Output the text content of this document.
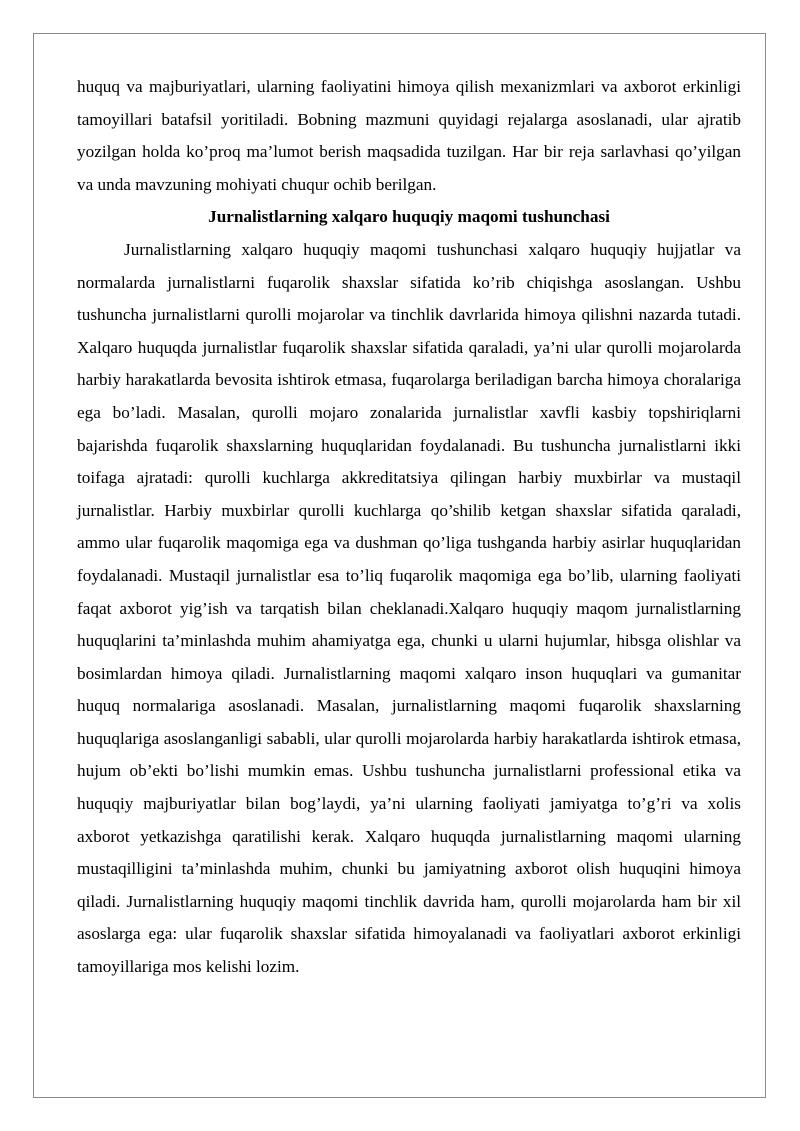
huquq va majburiyatlari, ularning faoliyatini himoya qilish mexanizmlari va axborot erkinligi tamoyillari batafsil yoritiladi. Bobning mazmuni quyidagi rejalarga asoslanadi, ular ajratib yozilgan holda ko’proq ma’lumot berish maqsadida tuzilgan. Har bir reja sarlavhasi qo’yilgan va unda mavzuning mohiyati chuqur ochib berilgan.

Jurnalistlarning xalqaro huquqiy maqomi tushunchasi

Jurnalistlarning xalqaro huquqiy maqomi tushunchasi xalqaro huquqiy hujjatlar va normalarda jurnalistlarni fuqarolik shaxslar sifatida ko’rib chiqishga asoslangan. Ushbu tushuncha jurnalistlarni qurolli mojarolar va tinchlik davrlarida himoya qilishni nazarda tutadi. Xalqaro huquqda jurnalistlar fuqarolik shaxslar sifatida qaraladi, ya’ni ular qurolli mojarolarda harbiy harakatlarda bevosita ishtirok etmasa, fuqarolarga beriladigan barcha himoya choralariga ega bo’ladi. Masalan, qurolli mojaro zonalarida jurnalistlar xavfli kasbiy topshiriqlarni bajarishda fuqarolik shaxslarning huquqlaridan foydalanadi. Bu tushuncha jurnalistlarni ikki toifaga ajratadi: qurolli kuchlarga akkreditatsiya qilingan harbiy muxbirlar va mustaqil jurnalistlar. Harbiy muxbirlar qurolli kuchlarga qo’shilib ketgan shaxslar sifatida qaraladi, ammo ular fuqarolik maqomiga ega va dushman qo’liga tushganda harbiy asirlar huquqlaridan foydalanadi. Mustaqil jurnalistlar esa to’liq fuqarolik maqomiga ega bo’lib, ularning faoliyati faqat axborot yig’ish va tarqatish bilan cheklanadi.Xalqaro huquqiy maqom jurnalistlarning huquqlarini ta’minlashda muhim ahamiyatga ega, chunki u ularni hujumlar, hibsga olishlar va bosimlardan himoya qiladi. Jurnalistlarning maqomi xalqaro inson huquqlari va gumanitar huquq normalariga asoslanadi. Masalan, jurnalistlarning maqomi fuqarolik shaxslarning huquqlariga asoslanganligi sababli, ular qurolli mojarolarda harbiy harakatlarda ishtirok etmasa, hujum ob’ekti bo’lishi mumkin emas. Ushbu tushuncha jurnalistlarni professional etika va huquqiy majburiyatlar bilan bog’laydi, ya’ni ularning faoliyati jamiyatga to’g’ri va xolis axborot yetkazishga qaratilishi kerak. Xalqaro huquqda jurnalistlarning maqomi ularning mustaqilligini ta’minlashda muhim, chunki bu jamiyatning axborot olish huquqini himoya qiladi. Jurnalistlarning huquqiy maqomi tinchlik davrida ham, qurolli mojarolarda ham bir xil asoslarga ega: ular fuqarolik shaxslar sifatida himoyalanadi va faoliyatlari axborot erkinligi tamoyillariga mos kelishi lozim.
